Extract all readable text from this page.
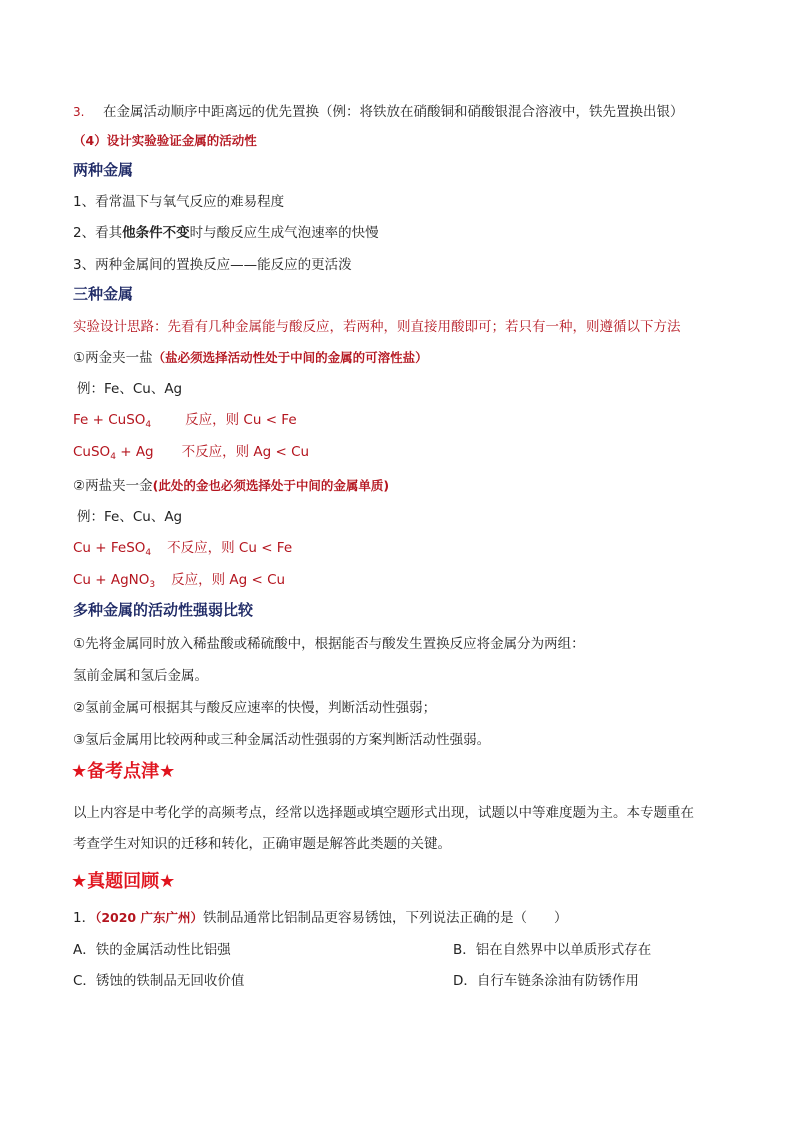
3. 在金属活动顺序中距离远的优先置换（例：将铁放在硝酸铜和硝酸银混合溶液中，铁先置换出银）
（4）设计实验验证金属的活动性
两种金属
1、看常温下与氧气反应的难易程度
2、看其他条件不变时与酸反应生成气泡速率的快慢
3、两种金属间的置换反应——能反应的更活泼
三种金属
实验设计思路：先看有几种金属能与酸反应，若两种，则直接用酸即可；若只有一种，则遵循以下方法
①两金夹一盐（盐必须选择活动性处于中间的金属的可溶性盐）
例：Fe、Cu、Ag
Fe + CuSO$_4$	反应，则 Cu < Fe
CuSO$_4$ + Ag 不反应，则 Ag < Cu
②两盐夹一金(此处的金也必须选择处于中间的金属单质)
例：Fe、Cu、Ag
Cu + FeSO$_4$ 不反应，则 Cu < Fe
Cu + AgNO$_3$ 反应，则 Ag < Cu
多种金属的活动性强弱比较
①先将金属同时放入稀盐酸或稀硫酸中，根据能否与酸发生置换反应将金属分为两组：
氢前金属和氢后金属。
②氢前金属可根据其与酸反应速率的快慢，判断活动性强弱；
③氢后金属用比较两种或三种金属活动性强弱的方案判断活动性强弱。
★备考点津★
以上内容是中考化学的高频考点，经常以选择题或填空题形式出现，试题以中等难度题为主。本专题重在
考查学生对知识的迁移和转化，正确审题是解答此类题的关键。
★真题回顾★
1．（2020 广东广州）铁制品通常比铝制品更容易锈蚀，下列说法正确的是（　　）
A．铁的金属活动性比铝强	B．铝在自然界中以单质形式存在
C．锈蚀的铁制品无回收价值	D．自行车链条涂油有防锈作用
